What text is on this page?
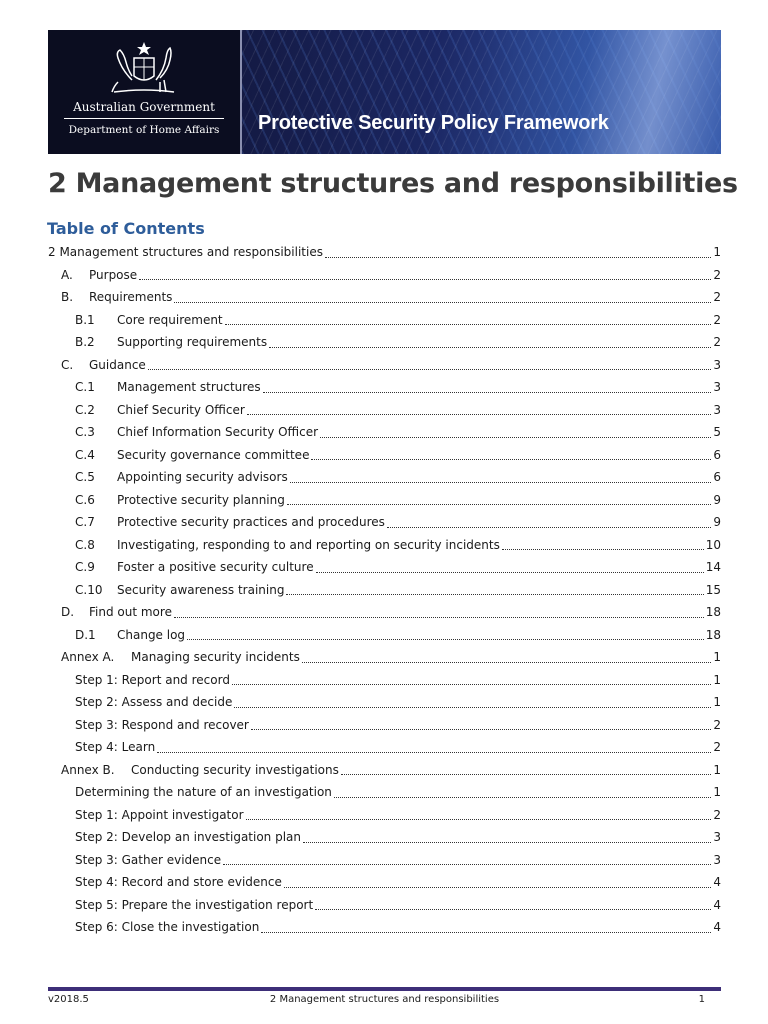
Australian Government
Department of Home Affairs	Protective Security Policy Framework
2 Management structures and responsibilities
Table of Contents
2 Management structures and responsibilities	1
A.	Purpose	2
B.	Requirements	2
B.1	Core requirement	2
B.2	Supporting requirements	2
C.	Guidance	3
C.1	Management structures	3
C.2	Chief Security Officer	3
C.3	Chief Information Security Officer	5
C.4	Security governance committee	6
C.5	Appointing security advisors	6
C.6	Protective security planning	9
C.7	Protective security practices and procedures	9
C.8	Investigating, responding to and reporting on security incidents	10
C.9	Foster a positive security culture	14
C.10	Security awareness training	15
D.	Find out more	18
D.1	Change log	18
Annex A.	Managing security incidents	1
Step 1: Report and record	1
Step 2: Assess and decide	1
Step 3: Respond and recover	2
Step 4: Learn	2
Annex B.	Conducting security investigations	1
Determining the nature of an investigation	1
Step 1: Appoint investigator	2
Step 2: Develop an investigation plan	3
Step 3: Gather evidence	3
Step 4: Record and store evidence	4
Step 5: Prepare the investigation report	4
Step 6: Close the investigation	4
v2018.5	2 Management structures and responsibilities	1
